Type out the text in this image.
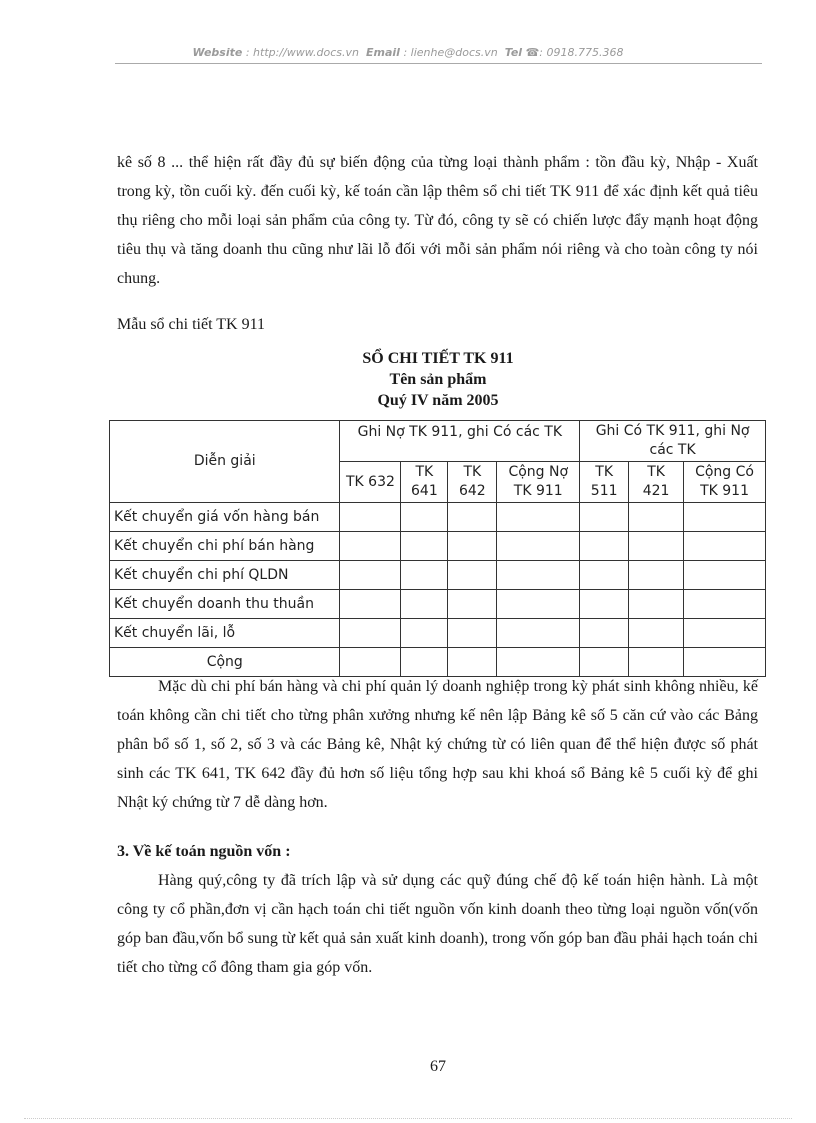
Website : http://www.docs.vn Email : lienhe@docs.vn Tel ☎: 0918.775.368

kê số 8 ... thể hiện rất đầy đủ sự biến động của từng loại thành phẩm : tồn đầu kỳ, Nhập - Xuất trong kỳ, tồn cuối kỳ. đến cuối kỳ, kế toán cần lập thêm sổ chi tiết TK 911 để xác định kết quả tiêu thụ riêng cho mỗi loại sản phẩm của công ty. Từ đó, công ty sẽ có chiến lược đẩy mạnh hoạt động tiêu thụ và tăng doanh thu cũng như lãi lỗ đối với mỗi sản phẩm nói riêng và cho toàn công ty nói chung.

Mẫu sổ chi tiết TK 911
SỔ CHI TIẾT TK 911
Tên sản phẩm
Quý IV năm 2005
Diễn giải	Ghi Nợ TK 911, ghi Có các TK				Ghi Có TK 911, ghi Nợ các TK		
	TK 632	TK 641	TK 642	Cộng Nợ TK 911	TK 511	TK 421	Cộng Có TK 911
Kết chuyển giá vốn hàng bán							
Kết chuyển chi phí bán hàng							
Kết chuyển chi phí QLDN							
Kết chuyển doanh thu thuần							
Kết chuyển lãi, lỗ							
Cộng							

Mặc dù chi phí bán hàng và chi phí quản lý doanh nghiệp trong kỳ phát sinh không nhiều, kế toán không cần chi tiết cho từng phân xưởng nhưng kế nên lập Bảng kê số 5 căn cứ vào các Bảng phân bổ số 1, số 2, số 3 và các Bảng kê, Nhật ký chứng từ có liên quan để thể hiện được số phát sinh các TK 641, TK 642 đầy đủ hơn số liệu tổng hợp sau khi khoá sổ Bảng kê 5 cuối kỳ để ghi Nhật ký chứng từ 7 dễ dàng hơn.

3. Về kế toán nguồn vốn :

Hàng quý,công ty đã trích lập và sử dụng các quỹ đúng chế độ kế toán hiện hành. Là một công ty cổ phần,đơn vị cần hạch toán chi tiết nguồn vốn kinh doanh theo từng loại nguồn vốn(vốn góp ban đầu,vốn bổ sung từ kết quả sản xuất kinh doanh), trong vốn góp ban đầu phải hạch toán chi tiết cho từng cổ đông tham gia góp vốn.

67
